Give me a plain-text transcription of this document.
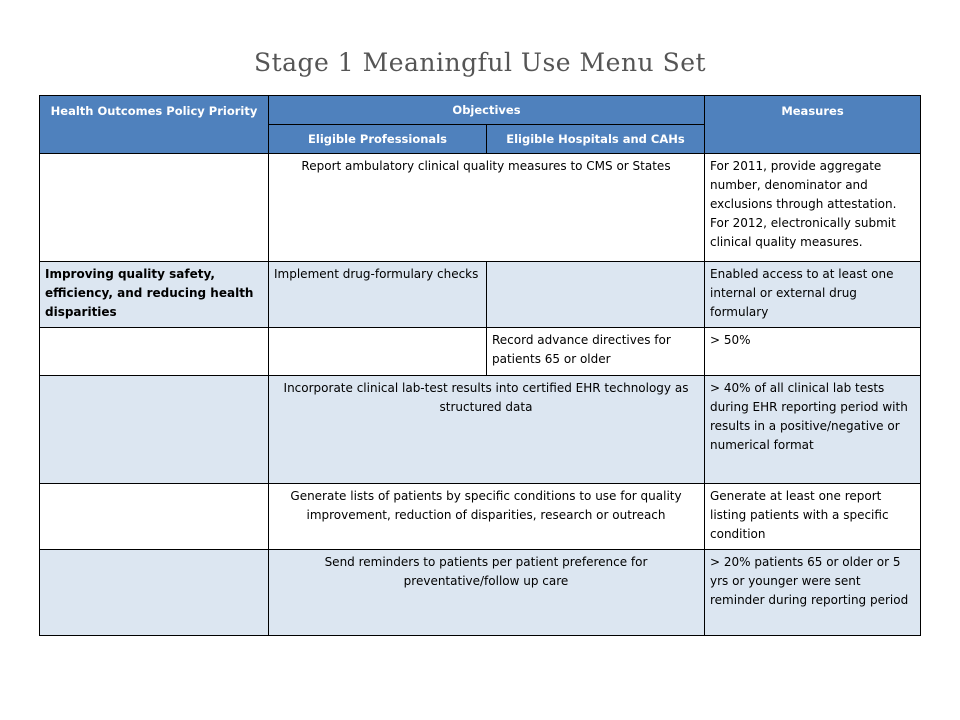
Stage 1 Meaningful Use Menu Set
Health Outcomes Policy Priority	Objectives		Measures
	Eligible Professionals	Eligible Hospitals and CAHs	
	Report ambulatory clinical quality measures to CMS or States		For 2011, provide aggregate number, denominator and exclusions through attestation. For 2012, electronically submit clinical quality measures.
Improving quality safety, efficiency, and reducing health disparities	Implement drug-formulary checks		Enabled access to at least one internal or external drug formulary
		Record advance directives for patients 65 or older	> 50%
	Incorporate clinical lab-test results into certified EHR technology as structured data		> 40% of all clinical lab tests during EHR reporting period with results in a positive/negative or numerical format
	Generate lists of patients by specific conditions to use for quality improvement, reduction of disparities, research or outreach		Generate at least one report listing patients with a specific condition
	Send reminders to patients per patient preference for preventative/follow up care		> 20% patients 65 or older or 5 yrs or younger were sent reminder during reporting period
